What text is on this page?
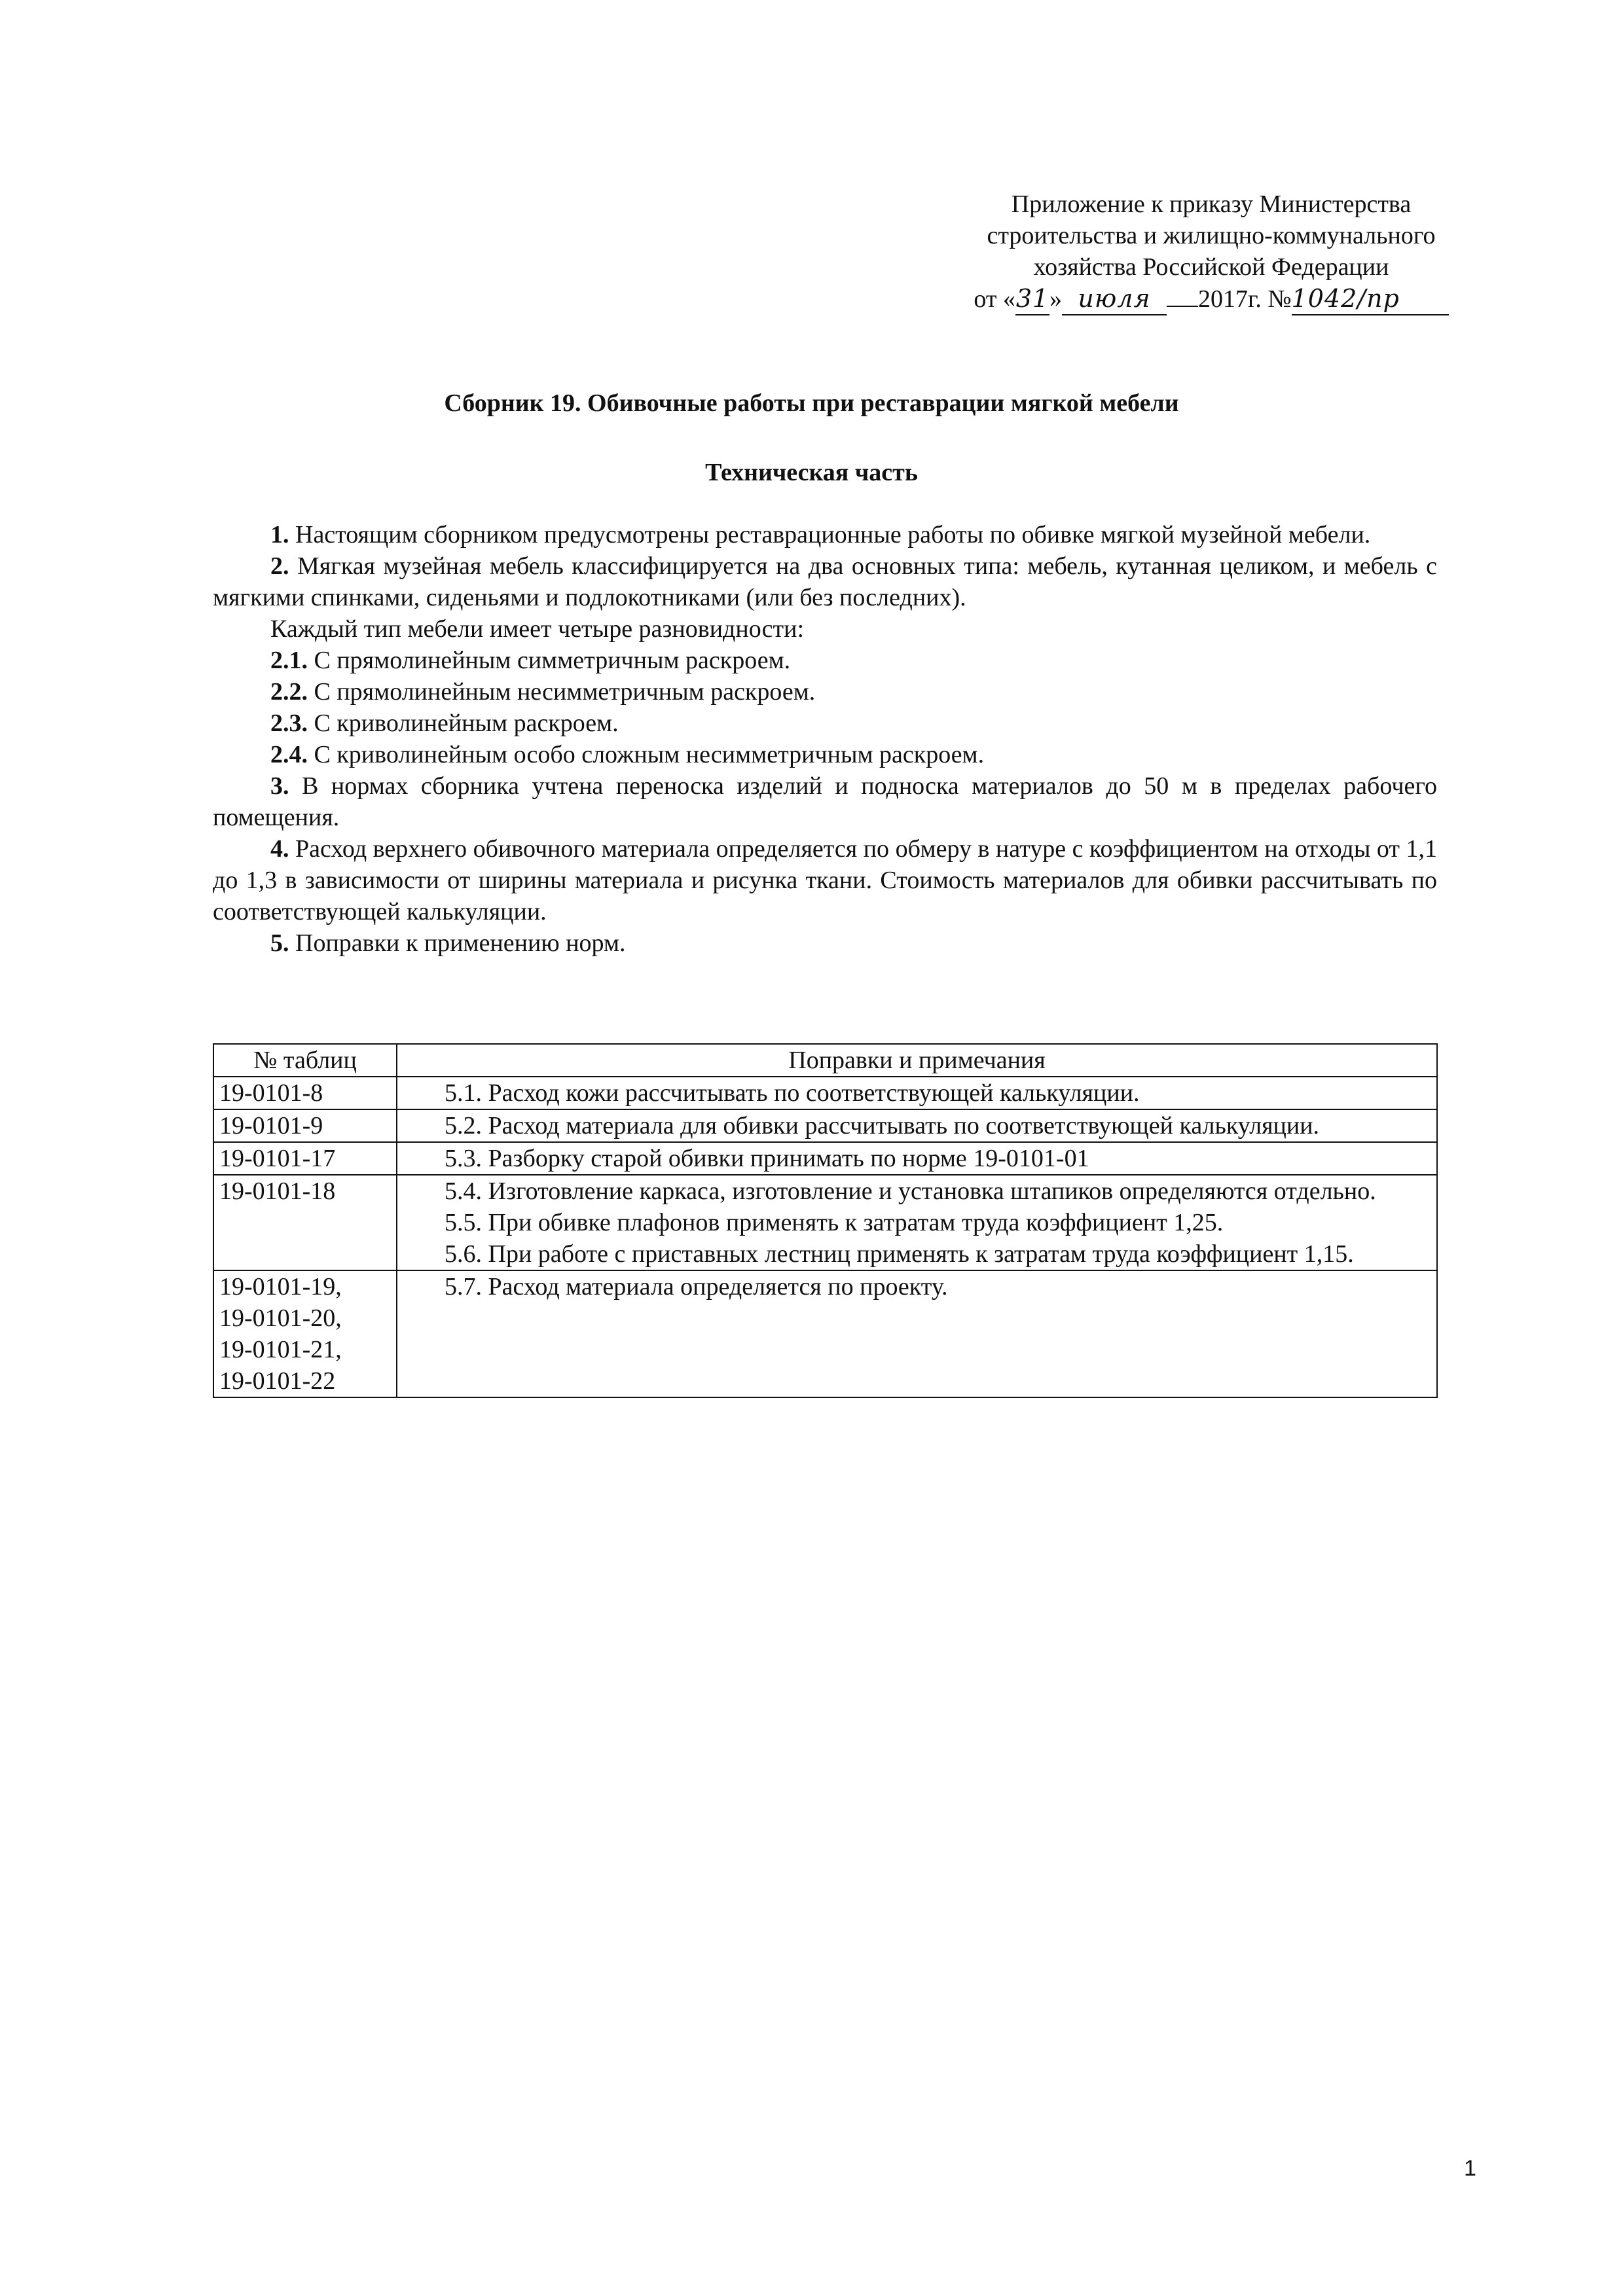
Приложение к приказу Министерства
строительства и жилищно-коммунального
хозяйства Российской Федерации
от «31» июля 2017г. №1042/пр
Сборник 19. Обивочные работы при реставрации мягкой мебели
Техническая часть

1. Настоящим сборником предусмотрены реставрационные работы по обивке мягкой музейной мебели.

2. Мягкая музейная мебель классифицируется на два основных типа: мебель, кутанная целиком, и мебель с мягкими спинками, сиденьями и подлокотниками (или без последних).

Каждый тип мебели имеет четыре разновидности:

2.1. С прямолинейным симметричным раскроем.

2.2. С прямолинейным несимметричным раскроем.

2.3. С криволинейным раскроем.

2.4. С криволинейным особо сложным несимметричным раскроем.

3. В нормах сборника учтена переноска изделий и подноска материалов до 50 м в пределах рабочего помещения.

4. Расход верхнего обивочного материала определяется по обмеру в натуре с коэффициентом на отходы от 1,1 до 1,3 в зависимости от ширины материала и рисунка ткани. Стоимость материалов для обивки рассчитывать по соответствующей калькуляции.

5. Поправки к применению норм.

№ таблиц	Поправки и примечания
19-0101-8	5.1. Расход кожи рассчитывать по соответствующей калькуляции.

19-0101-9	5.2. Расход материала для обивки рассчитывать по соответствующей калькуляции.

19-0101-17	5.3. Разборку старой обивки принимать по норме 19-0101-01

19-0101-18	5.4. Изготовление каркаса, изготовление и установка штапиков определяются отдельно.
5.5. При обивке плафонов применять к затратам труда коэффициент 1,25.
5.6. При работе с приставных лестниц применять к затратам труда коэффициент 1,15.

19-0101-19,
19-0101-20,
19-0101-21,
19-0101-22	5.7. Расход материала определяется по проекту.
1
